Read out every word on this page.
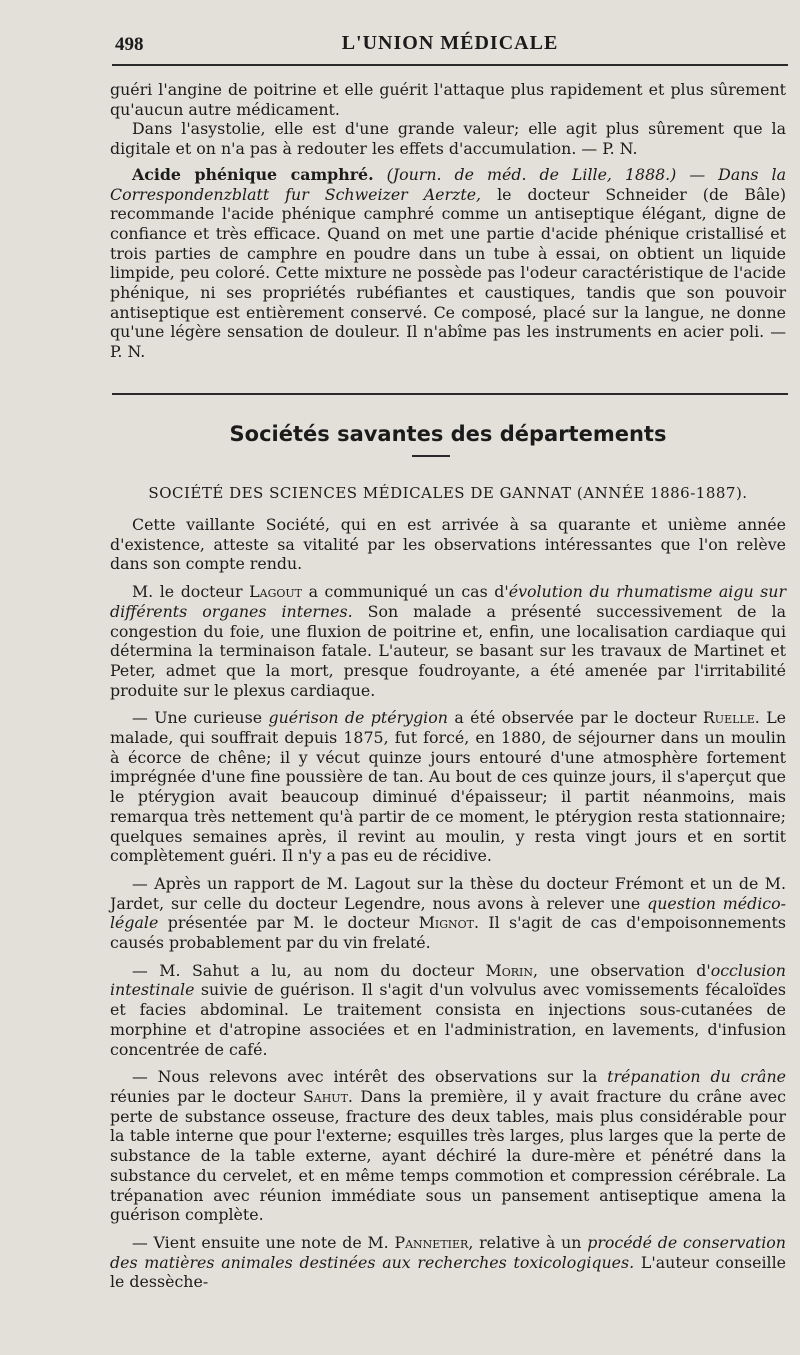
498	L'UNION MÉDICALE

guéri l'angine de poitrine et elle guérit l'attaque plus rapidement et plus sûrement qu'aucun autre médicament.

Dans l'asystolie, elle est d'une grande valeur; elle agit plus sûrement que la digitale et on n'a pas à redouter les effets d'accumulation. — P. N.

Acide phénique camphré. (Journ. de méd. de Lille, 1888.) — Dans la Correspondenzblatt fur Schweizer Aerzte, le docteur Schneider (de Bâle) recommande l'acide phénique camphré comme un antiseptique élégant, digne de confiance et très efficace. Quand on met une partie d'acide phénique cristallisé et trois parties de camphre en poudre dans un tube à essai, on obtient un liquide limpide, peu coloré. Cette mixture ne possède pas l'odeur caractéristique de l'acide phénique, ni ses propriétés rubéfiantes et caustiques, tandis que son pouvoir antiseptique est entièrement conservé. Ce composé, placé sur la langue, ne donne qu'une légère sensation de douleur. Il n'abîme pas les instruments en acier poli. — P. N.

Sociétés savantes des départements
SOCIÉTÉ DES SCIENCES MÉDICALES DE GANNAT (ANNÉE 1886-1887).

Cette vaillante Société, qui en est arrivée à sa quarante et unième année d'existence, atteste sa vitalité par les observations intéressantes que l'on relève dans son compte rendu.

M. le docteur Lagout a communiqué un cas d'évolution du rhumatisme aigu sur différents organes internes. Son malade a présenté successivement de la congestion du foie, une fluxion de poitrine et, enfin, une localisation cardiaque qui détermina la terminaison fatale. L'auteur, se basant sur les travaux de Martinet et Peter, admet que la mort, presque foudroyante, a été amenée par l'irritabilité produite sur le plexus cardiaque.

— Une curieuse guérison de ptérygion a été observée par le docteur Ruelle. Le malade, qui souffrait depuis 1875, fut forcé, en 1880, de séjourner dans un moulin à écorce de chêne; il y vécut quinze jours entouré d'une atmosphère fortement imprégnée d'une fine poussière de tan. Au bout de ces quinze jours, il s'aperçut que le ptérygion avait beaucoup diminué d'épaisseur; il partit néanmoins, mais remarqua très nettement qu'à partir de ce moment, le ptérygion resta stationnaire; quelques semaines après, il revint au moulin, y resta vingt jours et en sortit complètement guéri. Il n'y a pas eu de récidive.

— Après un rapport de M. Lagout sur la thèse du docteur Frémont et un de M. Jardet, sur celle du docteur Legendre, nous avons à relever une question médico-légale présentée par M. le docteur Mignot. Il s'agit de cas d'empoisonnements causés probablement par du vin frelaté.

— M. Sahut a lu, au nom du docteur Morin, une observation d'occlusion intestinale suivie de guérison. Il s'agit d'un volvulus avec vomissements fécaloïdes et facies abdominal. Le traitement consista en injections sous-cutanées de morphine et d'atropine associées et en l'administration, en lavements, d'infusion concentrée de café.

— Nous relevons avec intérêt des observations sur la trépanation du crâne réunies par le docteur Sahut. Dans la première, il y avait fracture du crâne avec perte de substance osseuse, fracture des deux tables, mais plus considérable pour la table interne que pour l'externe; esquilles très larges, plus larges que la perte de substance de la table externe, ayant déchiré la dure-mère et pénétré dans la substance du cervelet, et en même temps commotion et compression cérébrale. La trépanation avec réunion immédiate sous un pansement antiseptique amena la guérison complète.

— Vient ensuite une note de M. Pannetier, relative à un procédé de conservation des matières animales destinées aux recherches toxicologiques. L'auteur conseille le dessèche-
